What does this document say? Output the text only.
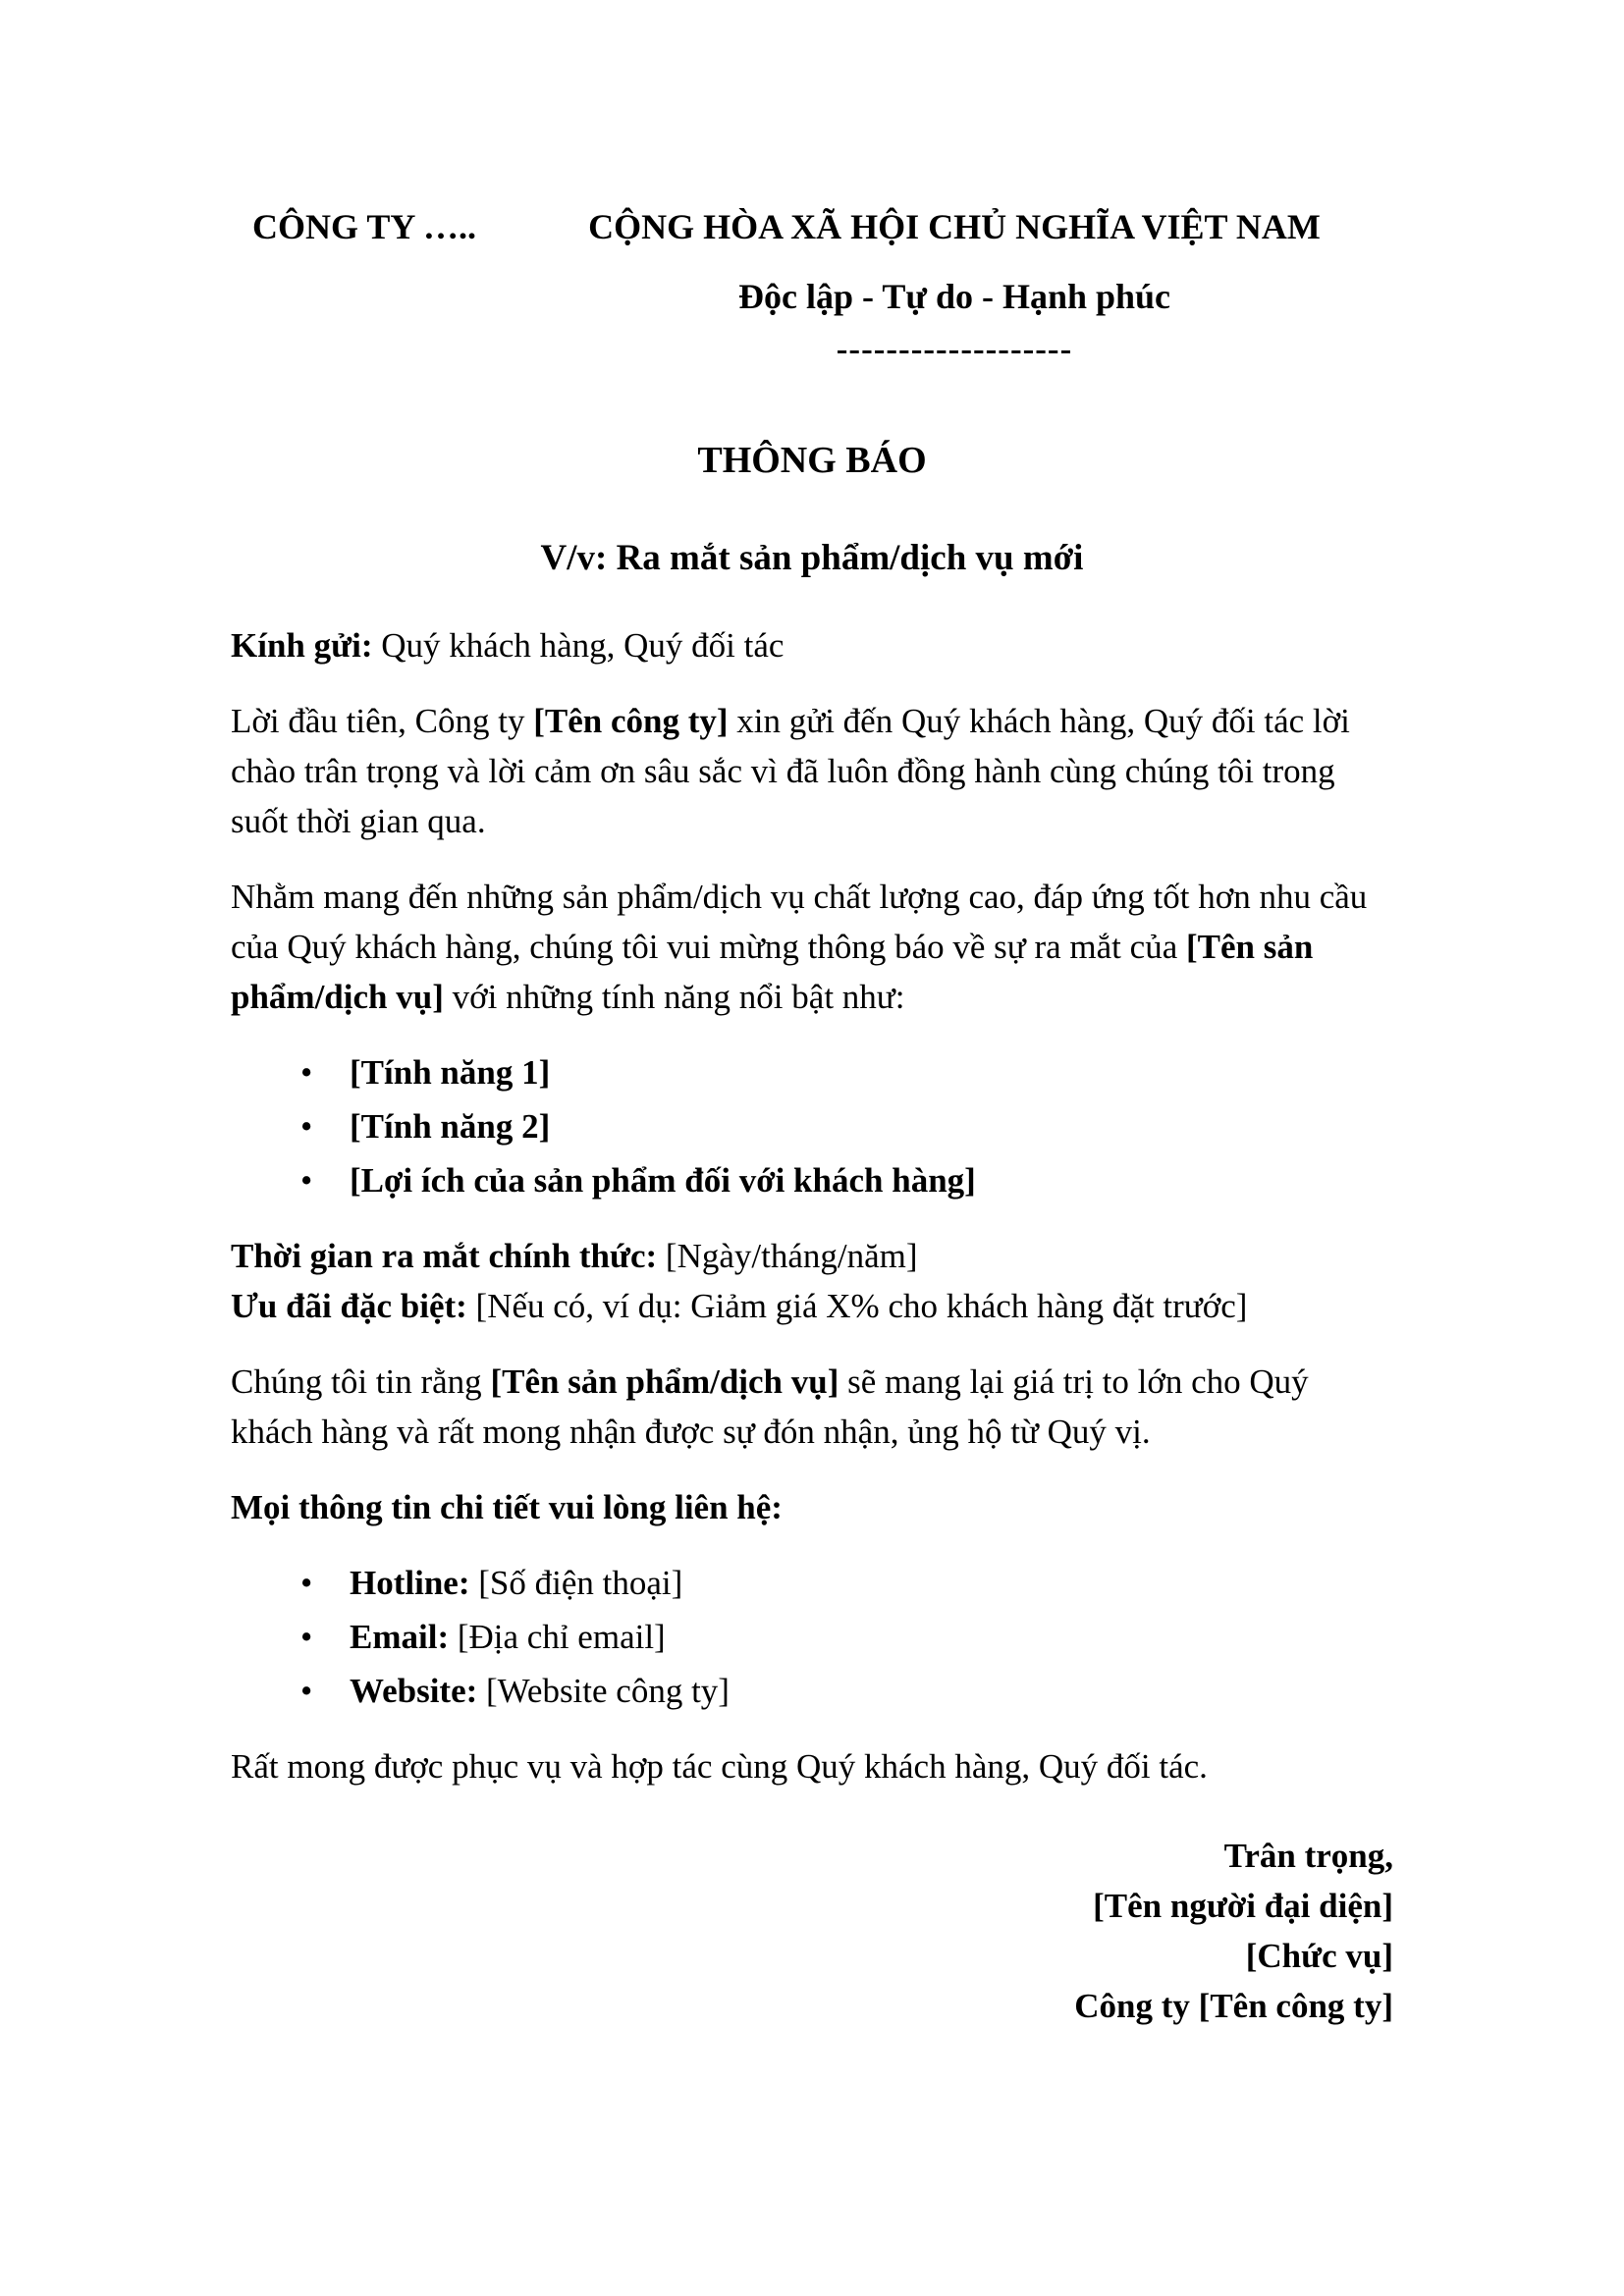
CÔNG TY …..	CỘNG HÒA XÃ HỘI CHỦ NGHĨA VIỆT NAM
Độc lập - Tự do - Hạnh phúc
-------------------
THÔNG BÁO
V/v: Ra mắt sản phẩm/dịch vụ mới

Kính gửi: Quý khách hàng, Quý đối tác

Lời đầu tiên, Công ty [Tên công ty] xin gửi đến Quý khách hàng, Quý đối tác lời chào trân trọng và lời cảm ơn sâu sắc vì đã luôn đồng hành cùng chúng tôi trong suốt thời gian qua.

Nhằm mang đến những sản phẩm/dịch vụ chất lượng cao, đáp ứng tốt hơn nhu cầu của Quý khách hàng, chúng tôi vui mừng thông báo về sự ra mắt của [Tên sản phẩm/dịch vụ] với những tính năng nổi bật như:

• [Tính năng 1]
• [Tính năng 2]
• [Lợi ích của sản phẩm đối với khách hàng]

Thời gian ra mắt chính thức: [Ngày/tháng/năm]
Ưu đãi đặc biệt: [Nếu có, ví dụ: Giảm giá X% cho khách hàng đặt trước]

Chúng tôi tin rằng [Tên sản phẩm/dịch vụ] sẽ mang lại giá trị to lớn cho Quý khách hàng và rất mong nhận được sự đón nhận, ủng hộ từ Quý vị.

Mọi thông tin chi tiết vui lòng liên hệ:

• Hotline: [Số điện thoại]
• Email: [Địa chỉ email]
• Website: [Website công ty]

Rất mong được phục vụ và hợp tác cùng Quý khách hàng, Quý đối tác.

Trân trọng,
[Tên người đại diện]
[Chức vụ]
Công ty [Tên công ty]
